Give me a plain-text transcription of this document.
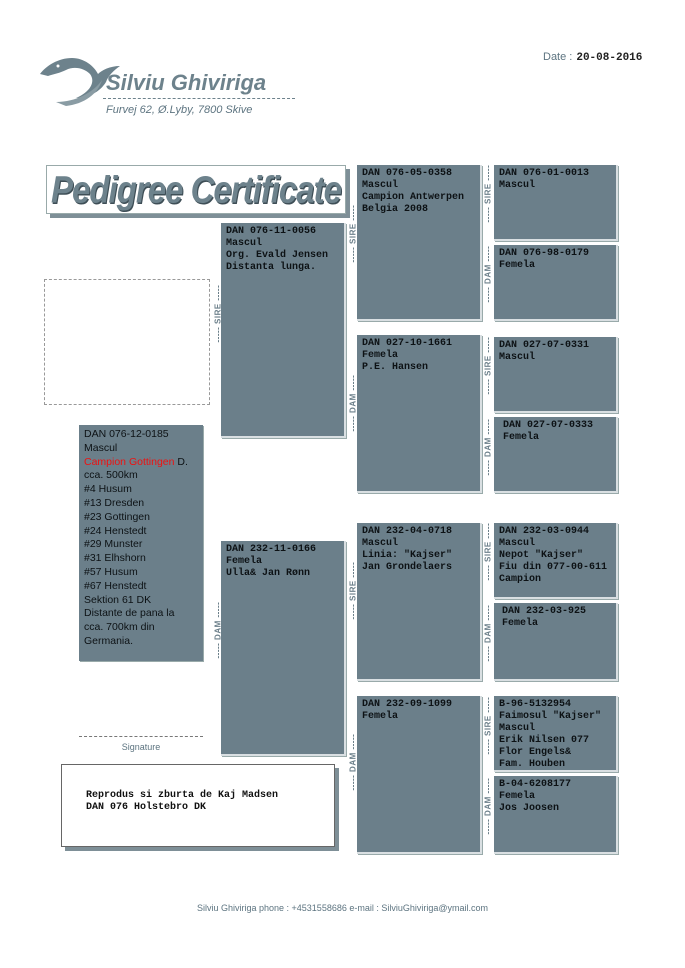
Silviu Ghiviriga
Furvej 62, Ø.Lyby, 7800 Skive
Date : 20-08-2016
Pedigree Certificate
DAN 076-12-0185
Mascul
Campion Gottingen D.
cca. 500km
#4 Husum
#13 Dresden
#23 Gottingen
#24 Henstedt
#29 Munster
#31 Elhshorn
#57 Husum
#67 Henstedt
Sektion 61 DK
Distante de pana la
cca. 700km din
Germania.
DAN 076-11-0056
Mascul
Org. Evald Jensen
Distanta lunga.
DAN 232-11-0166
Femela
Ulla& Jan Rønn
DAN 076-05-0358
Mascul
Campion Antwerpen
Belgia 2008
DAN 027-10-1661
Femela
P.E. Hansen
DAN 232-04-0718
Mascul
Linia: "Kajser"
Jan Grondelaers
DAN 232-09-1099
Femela
DAN 076-01-0013
Mascul
DAN 076-98-0179
Femela
DAN 027-07-0331
Mascul
DAN 027-07-0333
Femela
DAN 232-03-0944
Mascul
Nepot "Kajser"
Fiu din 077-00-611
Campion
DAN 232-03-925
Femela
B-96-5132954
Faimosul "Kajser"
Mascul
Erik Nilsen 077
Flor Engels&
Fam. Houben
B-04-6208177
Femela
Jos Joosen
----- SIRE -----
----- DAM -----
----- SIRE -----
----- DAM -----
----- SIRE -----
----- DAM -----
----- SIRE -----
----- DAM -----
----- SIRE -----
----- DAM -----
----- SIRE -----
----- DAM -----
----- SIRE -----
----- DAM -----
Signature
Reprodus si zburta de Kaj Madsen
DAN 076 Holstebro DK
Silviu Ghiviriga phone : +4531558686 e-mail : SilviuGhiviriga@ymail.com
